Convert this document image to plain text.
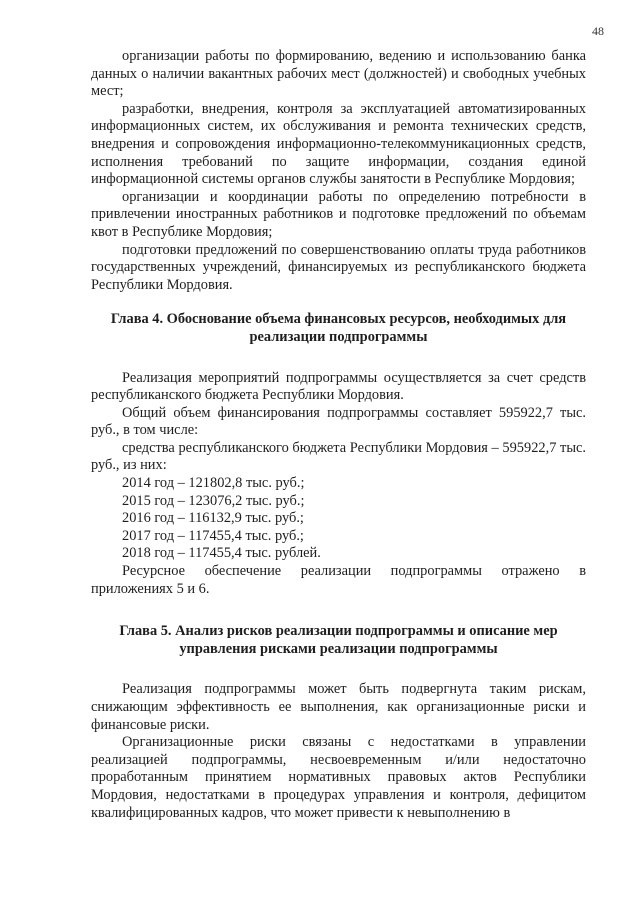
48

организации работы по формированию, ведению и использованию банка данных о наличии вакантных рабочих мест (должностей) и свободных учебных мест;

разработки, внедрения, контроля за эксплуатацией автоматизированных информационных систем, их обслуживания и ремонта технических средств, внедрения и сопровождения информационно-телекоммуникационных средств, исполнения требований по защите информации, создания единой информационной системы органов службы занятости в Республике Мордовия;

организации и координации работы по определению потребности в привлечении иностранных работников и подготовке предложений по объемам квот в Республике Мордовия;

подготовки предложений по совершенствованию оплаты труда работников государственных учреждений, финансируемых из республиканского бюджета Республики Мордовия.

Глава 4. Обоснование объема финансовых ресурсов, необходимых для
реализации подпрограммы

Реализация мероприятий подпрограммы осуществляется за счет средств республиканского бюджета Республики Мордовия.

Общий объем финансирования подпрограммы составляет 595922,7 тыс. руб., в том числе:

средства республиканского бюджета Республики Мордовия – 595922,7 тыс. руб., из них:

2014 год – 121802,8 тыс. руб.;

2015 год – 123076,2 тыс. руб.;

2016 год – 116132,9 тыс. руб.;

2017 год – 117455,4 тыс. руб.;

2018 год – 117455,4 тыс. рублей.

Ресурсное обеспечение реализации подпрограммы отражено в приложениях 5 и 6.

Глава 5. Анализ рисков реализации подпрограммы и описание мер
управления рисками реализации подпрограммы

Реализация подпрограммы может быть подвергнута таким рискам, снижающим эффективность ее выполнения, как организационные риски и финансовые риски.

Организационные риски связаны с недостатками в управлении реализацией подпрограммы, несвоевременным и/или недостаточно проработанным принятием нормативных правовых актов Республики Мордовия, недостатками в процедурах управления и контроля, дефицитом квалифицированных кадров, что может привести к невыполнению в
